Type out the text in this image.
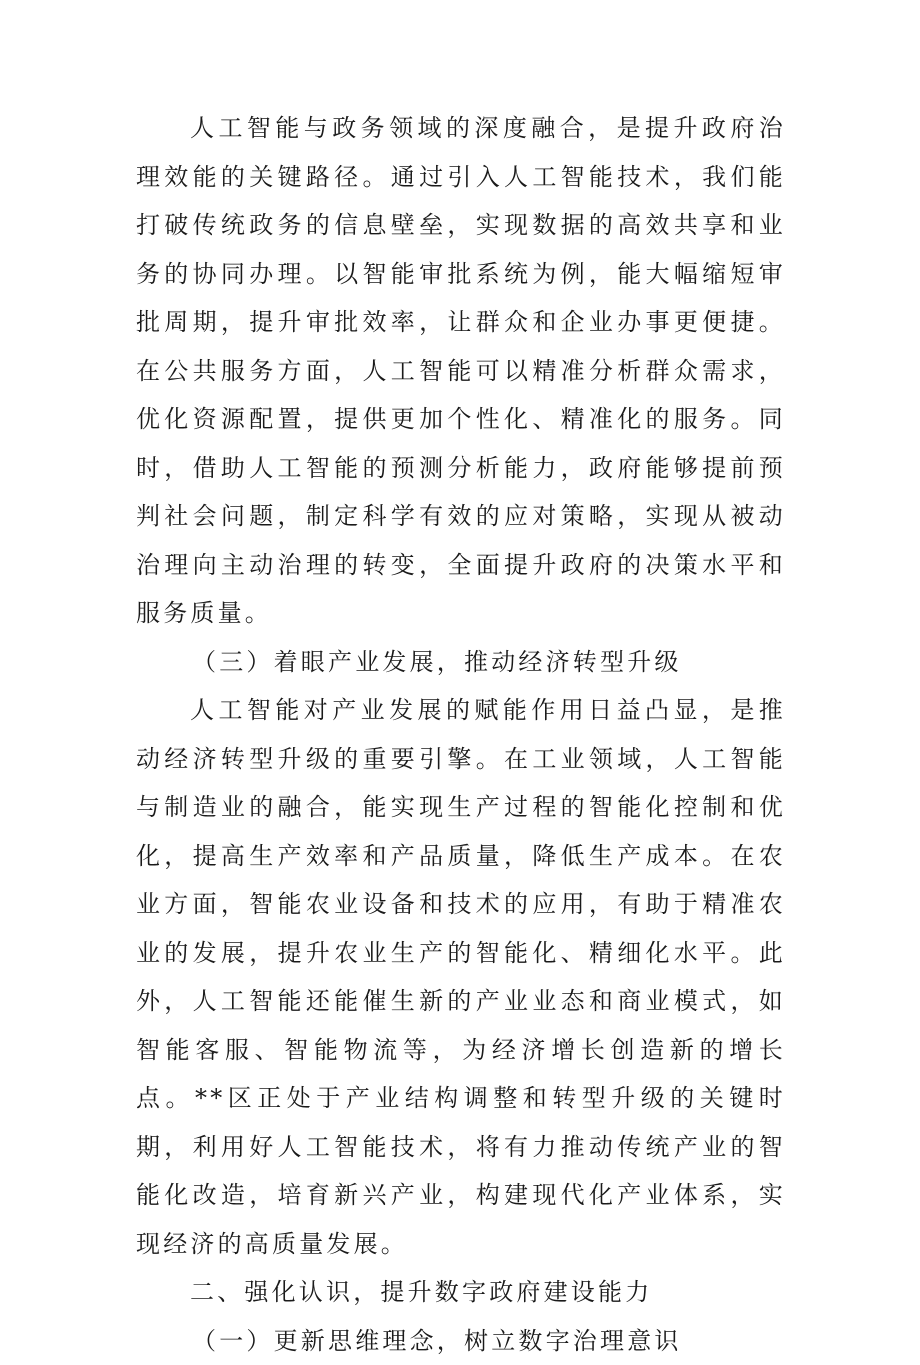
人工智能与政务领域的深度融合，是提升政府治理效能的关键路径。通过引入人工智能技术，我们能打破传统政务的信息壁垒，实现数据的高效共享和业务的协同办理。以智能审批系统为例，能大幅缩短审批周期，提升审批效率，让群众和企业办事更便捷。在公共服务方面，人工智能可以精准分析群众需求，优化资源配置，提供更加个性化、精准化的服务。同时，借助人工智能的预测分析能力，政府能够提前预判社会问题，制定科学有效的应对策略，实现从被动治理向主动治理的转变，全面提升政府的决策水平和服务质量。

（三）着眼产业发展，推动经济转型升级

人工智能对产业发展的赋能作用日益凸显，是推动经济转型升级的重要引擎。在工业领域，人工智能与制造业的融合，能实现生产过程的智能化控制和优化，提高生产效率和产品质量，降低生产成本。在农业方面，智能农业设备和技术的应用，有助于精准农业的发展，提升农业生产的智能化、精细化水平。此外，人工智能还能催生新的产业业态和商业模式，如智能客服、智能物流等，为经济增长创造新的增长点。**区正处于产业结构调整和转型升级的关键时期，利用好人工智能技术，将有力推动传统产业的智能化改造，培育新兴产业，构建现代化产业体系，实现经济的高质量发展。

二、强化认识，提升数字政府建设能力

（一）更新思维理念，树立数字治理意识
